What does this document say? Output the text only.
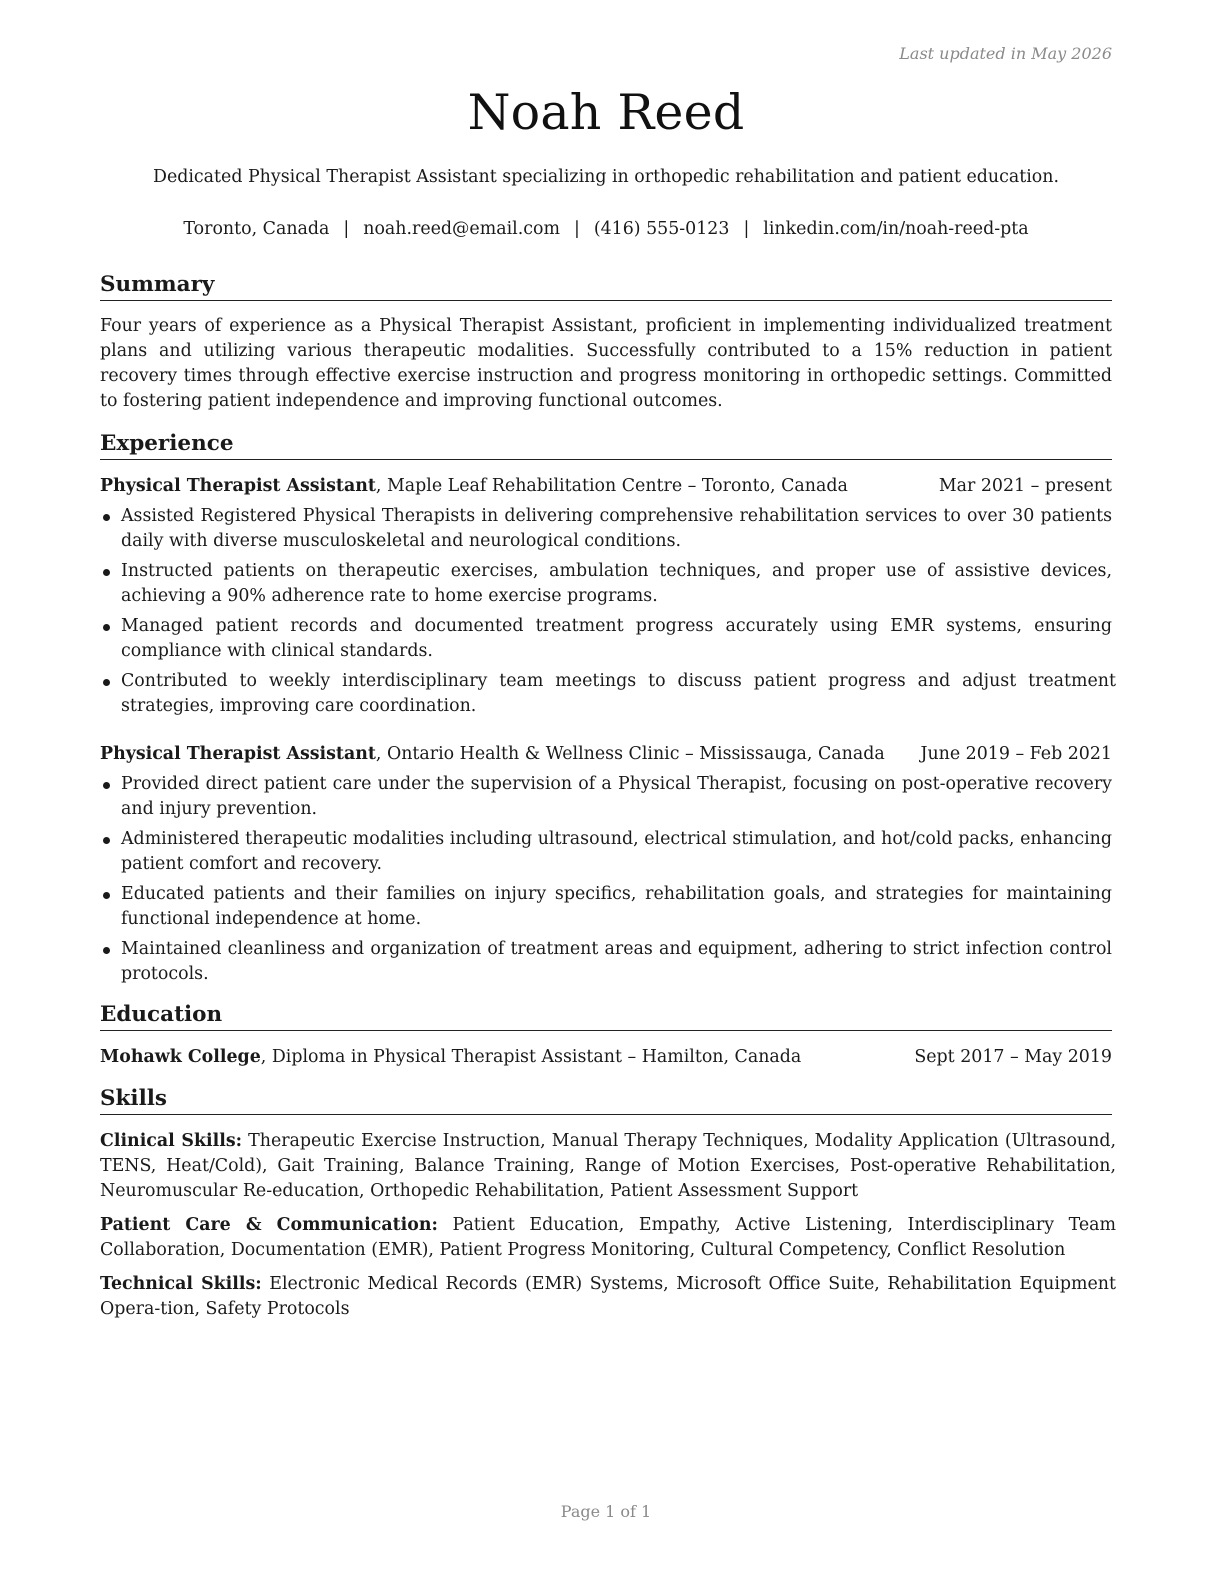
Last updated in May 2026
Noah Reed
Dedicated Physical Therapist Assistant specializing in orthopedic rehabilitation and patient education.
Toronto, Canada | noah.reed@email.com | (416) 555-0123 | linkedin.com/in/noah-reed-pta
Summary
Four years of experience as a Physical Therapist Assistant, proficient in implementing individualized treatment plans and utilizing various therapeutic modalities. Successfully contributed to a 15% reduction in patient recovery times through effective exercise instruction and progress monitoring in orthopedic settings. Committed to fostering patient independence and improving functional outcomes.
Experience
Physical Therapist Assistant, Maple Leaf Rehabilitation Centre – Toronto, Canada	Mar 2021 – present
Assisted Registered Physical Therapists in delivering comprehensive rehabilitation services to over 30 patients daily with diverse musculoskeletal and neurological conditions.
Instructed patients on therapeutic exercises, ambulation techniques, and proper use of assistive devices, achieving a 90% adherence rate to home exercise programs.
Managed patient records and documented treatment progress accurately using EMR systems, ensuring compliance with clinical standards.
Contributed to weekly interdisciplinary team meetings to discuss patient progress and adjust treatment strategies, improving care coordination.
Physical Therapist Assistant, Ontario Health & Wellness Clinic – Mississauga, Canada June 2019 – Feb 2021
Provided direct patient care under the supervision of a Physical Therapist, focusing on post-operative recovery and injury prevention.
Administered therapeutic modalities including ultrasound, electrical stimulation, and hot/cold packs, enhancing patient comfort and recovery.
Educated patients and their families on injury specifics, rehabilitation goals, and strategies for maintaining functional independence at home.
Maintained cleanliness and organization of treatment areas and equipment, adhering to strict infection control protocols.
Education
Mohawk College, Diploma in Physical Therapist Assistant – Hamilton, Canada	Sept 2017 – May 2019
Skills
Clinical Skills: Therapeutic Exercise Instruction, Manual Therapy Techniques, Modality Application (Ultrasound, TENS, Heat/Cold), Gait Training, Balance Training, Range of Motion Exercises, Post-operative Rehabilitation, Neuromuscular Re-education, Orthopedic Rehabilitation, Patient Assessment Support
Patient Care & Communication: Patient Education, Empathy, Active Listening, Interdisciplinary Team Collaboration, Documentation (EMR), Patient Progress Monitoring, Cultural Competency, Conflict Resolution
Technical Skills: Electronic Medical Records (EMR) Systems, Microsoft Office Suite, Rehabilitation Equipment Opera-tion, Safety Protocols
Page 1 of 1
